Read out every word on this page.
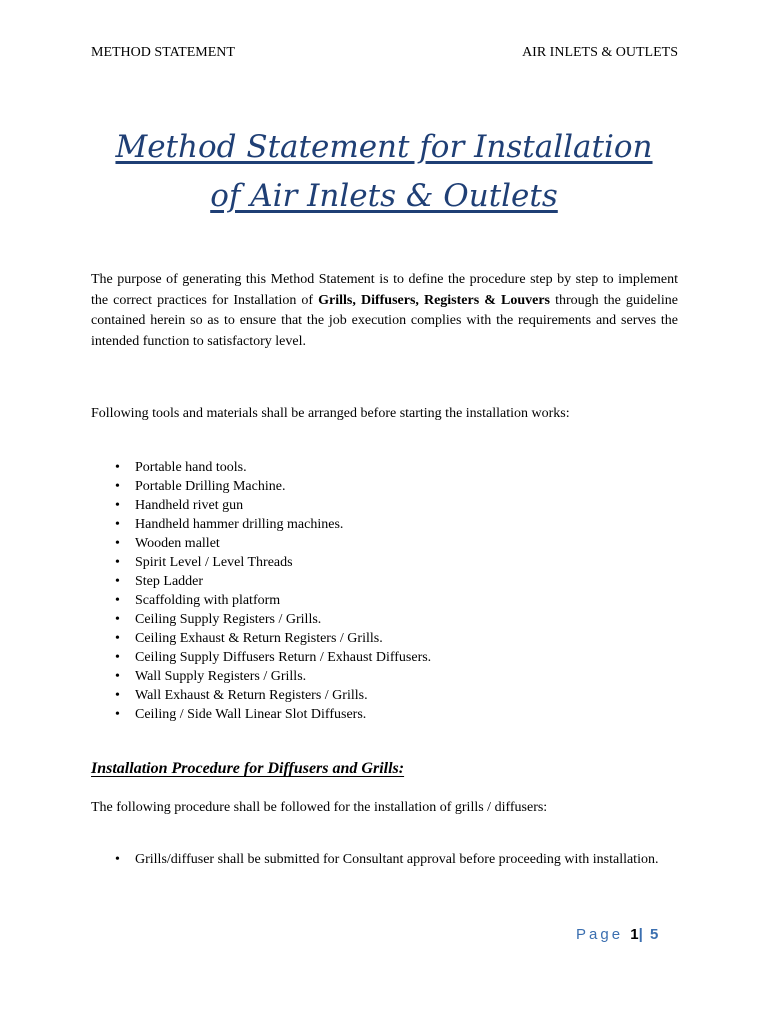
METHOD STATEMENT	AIR INLETS & OUTLETS
Method Statement for Installation
of Air Inlets & Outlets
The purpose of generating this Method Statement is to define the procedure step by step to implement the correct practices for Installation of Grills, Diffusers, Registers & Louvers through the guideline contained herein so as to ensure that the job execution complies with the requirements and serves the intended function to satisfactory level.
Following tools and materials shall be arranged before starting the installation works:
• Portable hand tools.
• Portable Drilling Machine.
• Handheld rivet gun
• Handheld hammer drilling machines.
• Wooden mallet
• Spirit Level / Level Threads
• Step Ladder
• Scaffolding with platform
• Ceiling Supply Registers / Grills.
• Ceiling Exhaust & Return Registers / Grills.
• Ceiling Supply Diffusers Return / Exhaust Diffusers.
• Wall Supply Registers / Grills.
• Wall Exhaust & Return Registers / Grills.
• Ceiling / Side Wall Linear Slot Diffusers.
Installation Procedure for Diffusers and Grills:
The following procedure shall be followed for the installation of grills / diffusers:
• Grills/diffuser shall be submitted for Consultant approval before proceeding with installation.
Page 1| 5
